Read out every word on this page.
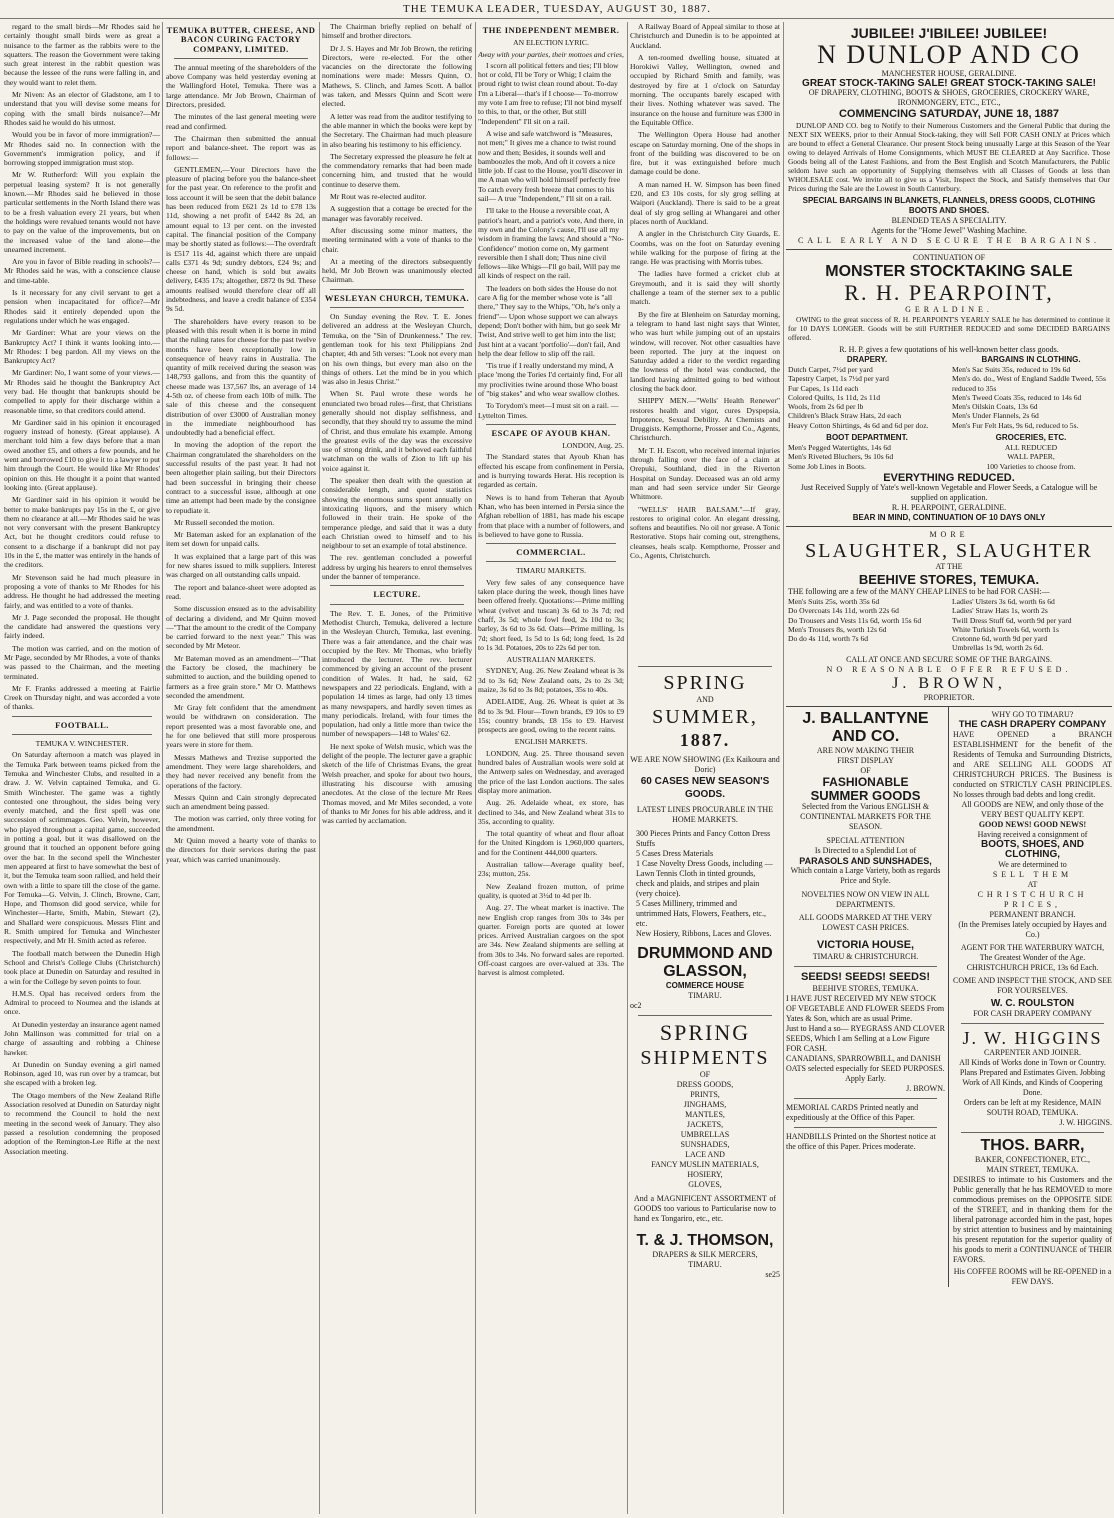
THE TEMUKA LEADER, TUESDAY, AUGUST 30, 1887.

regard to the small birds—Mr Rhodes said he certainly thought small birds were as great a nuisance to the farmer as the rabbits were to the squatters. The reason the Government were taking such great interest in the rabbit question was because the lessee of the runs were falling in, and they would want to relet them.

Mr Niven: As an elector of Gladstone, am I to understand that you will devise some means for coping with the small birds nuisance?—Mr Rhodes said he would do his utmost.

Would you be in favor of more immigration?—Mr Rhodes said no. In connection with the Government's immigration policy, and if borrowing stopped immigration must stop.

Mr W. Rutherford: Will you explain the perpetual leasing system? It is not generally known.—Mr Rhodes said he believed in those particular settlements in the North Island there was to be a fresh valuation every 21 years, but when the holdings were revalued tenants would not have to pay on the value of the improvements, but on the increased value of the land alone—the unearned increment.

Are you in favor of Bible reading in schools?—Mr Rhodes said he was, with a conscience clause and time-table.

Is it necessary for any civil servant to get a pension when incapacitated for office?—Mr Rhodes said it entirely depended upon the regulations under which he was engaged.

Mr Gardiner: What are your views on the Bankruptcy Act? I think it wants looking into.—Mr Rhodes: I beg pardon. All my views on the Bankruptcy Act?

Mr Gardiner: No, I want some of your views.—Mr Rhodes said he thought the Bankruptcy Act very bad. He thought that bankrupts should be compelled to apply for their discharge within a reasonable time, so that creditors could attend.

Mr Gardiner said in his opinion it encouraged roguery instead of honesty. (Great applause). A merchant told him a few days before that a man owed another £5, and others a few pounds, and he went and borrowed £10 to give it to a lawyer to put him through the Court. He would like Mr Rhodes' opinion on this. He thought it a point that wanted looking into. (Great applause).

Mr Gardiner said in his opinion it would be better to make bankrupts pay 15s in the £, or give them no clearance at all.—Mr Rhodes said he was not very conversant with the present Bankruptcy Act, but he thought creditors could refuse to consent to a discharge if a bankrupt did not pay 10s in the £, the matter was entirely in the hands of the creditors.

Mr Stevenson said he had much pleasure in proposing a vote of thanks to Mr Rhodes for his address. He thought he had addressed the meeting fairly, and was entitled to a vote of thanks.

Mr J. Page seconded the proposal. He thought the candidate had answered the questions very fairly indeed.

The motion was carried, and on the motion of Mr Page, seconded by Mr Rhodes, a vote of thanks was passed to the Chairman, and the meeting terminated.

Mr F. Franks addressed a meeting at Fairlie Creek on Thursday night, and was accorded a vote of thanks.

FOOTBALL.
TEMUKA V. WINCHESTER.

On Saturday afternoon a match was played in the Temuka Park between teams picked from the Temuka and Winchester Clubs, and resulted in a draw. J. W. Velvin captained Temuka, and G. Smith Winchester. The game was a tightly contested one throughout, the sides being very evenly matched, and the first spell was one succession of scrimmages. Geo. Velvin, however, who played throughout a capital game, succeeded in potting a goal, but it was disallowed on the ground that it touched an opponent before going over the bar. In the second spell the Winchester men appeared at first to have somewhat the best of it, but the Temuka team soon rallied, and held their own with a little to spare till the close of the game. For Temuka—G. Velvin, J. Clinch, Browne, Carr, Hope, and Thomson did good service, while for Winchester—Harte, Smith, Mabin, Stewart (2), and Shallard were conspicuous. Messrs Flint and R. Smith umpired for Temuka and Winchester respectively, and Mr H. Smith acted as referee.

The football match between the Dunedin High School and Christ's College Clubs (Christchurch) took place at Dunedin on Saturday and resulted in a win for the College by seven points to four.

H.M.S. Opal has received orders from the Admiral to proceed to Noumea and the islands at once.

At Dunedin yesterday an insurance agent named John Mallinson was committed for trial on a charge of assaulting and robbing a Chinese hawker.

At Dunedin on Sunday evening a girl named Robinson, aged 10, was run over by a tramcar, but she escaped with a broken leg.

The Otago members of the New Zealand Rifle Association resolved at Dunedin on Saturday night to recommend the Council to hold the next meeting in the second week of January. They also passed a resolution condemning the proposed adoption of the Remington-Lee Rifle at the next Association meeting.

TEMUKA BUTTER, CHEESE, AND BACON CURING FACTORY COMPANY, LIMITED.

The annual meeting of the shareholders of the above Company was held yesterday evening at the Wallingford Hotel, Temuka. There was a large attendance. Mr Job Brown, Chairman of Directors, presided.

The minutes of the last general meeting were read and confirmed.

The Chairman then submitted the annual report and balance-sheet. The report was as follows:—

GENTLEMEN,—Your Directors have the pleasure of placing before you the balance-sheet for the past year. On reference to the profit and loss account it will be seen that the debit balance has been reduced from £621 2s 1d to £78 13s 11d, showing a net profit of £442 8s 2d, an amount equal to 13 per cent. on the invested capital. The financial position of the Company may be shortly stated as follows:—The overdraft is £517 11s 4d, against which there are unpaid calls £371 4s 9d; sundry debtors, £24 9s; and cheese on hand, which is sold but awaits delivery, £435 17s; altogether, £872 0s 9d. These amounts realised would therefore clear off all indebtedness, and leave a credit balance of £354 9s 5d.

The shareholders have every reason to be pleased with this result when it is borne in mind that the ruling rates for cheese for the past twelve months have been exceptionally low in consequence of heavy rains in Australia. The quantity of milk received during the season was 148,793 gallons, and from this the quantity of cheese made was 137,567 lbs, an average of 14 4-5th oz. of cheese from each 10lb of milk. The sale of this cheese and the consequent distribution of over £3000 of Australian money in the immediate neighbourhood has undoubtedly had a beneficial effect.

In moving the adoption of the report the Chairman congratulated the shareholders on the successful results of the past year. It had not been altogether plain sailing, but their Directors had been successful in bringing their cheese contract to a successful issue, although at one time an attempt had been made by the consignee to repudiate it.

Mr Russell seconded the motion.

Mr Bateman asked for an explanation of the item set down for unpaid calls.

It was explained that a large part of this was for new shares issued to milk suppliers. Interest was charged on all outstanding calls unpaid.

The report and balance-sheet were adopted as read.

Some discussion ensued as to the advisability of declaring a dividend, and Mr Quinn moved—"That the amount to the credit of the Company be carried forward to the next year." This was seconded by Mr Meteor.

Mr Bateman moved as an amendment—"That the Factory be closed, the machinery be submitted to auction, and the building opened to farmers as a free grain store." Mr O. Matthews seconded the amendment.

Mr Gray felt confident that the amendment would be withdrawn on consideration. The report presented was a most favorable one, and he for one believed that still more prosperous years were in store for them.

Messrs Mathews and Trezise supported the amendment. They were large shareholders, and they had never received any benefit from the operations of the factory.

Messrs Quinn and Cain strongly deprecated such an amendment being passed.

The motion was carried, only three voting for the amendment.

Mr Quinn moved a hearty vote of thanks to the directors for their services during the past year, which was carried unanimously.

The Chairman briefly replied on behalf of himself and brother directors.

Dr J. S. Hayes and Mr Job Brown, the retiring Directors, were re-elected. For the other vacancies on the directorate the following nominations were made: Messrs Quinn, O. Mathews, S. Clinch, and James Scott. A ballot was taken, and Messrs Quinn and Scott were elected.

A letter was read from the auditor testifying to the able manner in which the books were kept by the Secretary. The Chairman had much pleasure in also bearing his testimony to his efficiency.

The Secretary expressed the pleasure he felt at the commendatory remarks that had been made concerning him, and trusted that he would continue to deserve them.

Mr Rout was re-elected auditor.

A suggestion that a cottage be erected for the manager was favorably received.

After discussing some minor matters, the meeting terminated with a vote of thanks to the chair.

At a meeting of the directors subsequently held, Mr Job Brown was unanimously elected Chairman.

WESLEYAN CHURCH, TEMUKA.

On Sunday evening the Rev. T. E. Jones delivered an address at the Wesleyan Church, Temuka, on the "Sin of Drunkenness." The rev. gentleman took for his text Philippians 2nd chapter, 4th and 5th verses: "Look not every man on his own things, but every man also on the things of others. Let the mind be in you which was also in Jesus Christ."

When St. Paul wrote these words he enunciated two broad rules—first, that Christians generally should not display selfishness, and secondly, that they should try to assume the mind of Christ, and thus emulate his example. Among the greatest evils of the day was the excessive use of strong drink, and it behoved each faithful watchman on the walls of Zion to lift up his voice against it.

The speaker then dealt with the question at considerable length, and quoted statistics showing the enormous sums spent annually on intoxicating liquors, and the misery which followed in their train. He spoke of the temperance pledge, and said that it was a duty each Christian owed to himself and to his neighbour to set an example of total abstinence.

The rev. gentleman concluded a powerful address by urging his hearers to enrol themselves under the banner of temperance.

LECTURE.

The Rev. T. E. Jones, of the Primitive Methodist Church, Temuka, delivered a lecture in the Wesleyan Church, Temuka, last evening. There was a fair attendance, and the chair was occupied by the Rev. Mr Thomas, who briefly introduced the lecturer. The rev. lecturer commenced by giving an account of the present condition of Wales. It had, he said, 62 newspapers and 22 periodicals. England, with a population 14 times as large, had only 13 times as many newspapers, and hardly seven times as many periodicals. Ireland, with four times the population, had only a little more than twice the number of newspapers—148 to Wales' 62.

He next spoke of Welsh music, which was the delight of the people. The lecturer gave a graphic sketch of the life of Christmas Evans, the great Welsh preacher, and spoke for about two hours, illustrating his discourse with amusing anecdotes. At the close of the lecture Mr Rees Thomas moved, and Mr Miles seconded, a vote of thanks to Mr Jones for his able address, and it was carried by acclamation.

THE INDEPENDENT MEMBER.
AN ELECTION LYRIC.
Away with your parties, their mottoes and cries,

I scorn all political fetters and ties; I'll blow hot or cold, I'll be Tory or Whig; I claim the proud right to twist clean round about. To-day I'm a Liberal—that's if I choose— To-morrow my vote I am free to refuse; I'll not bind myself to this, to that, or the other, But still "Independent" I'll sit on a rail.

A wise and safe watchword is "Measures, not men;" It gives me a chance to twist round now and then; Besides, it sounds well and bamboozles the mob, And oft it covers a nice little job. If cast to the House, you'll discover in me A man who will hold himself perfectly free To catch every fresh breeze that comes to his sail— A true "Independent," I'll sit on a rail.

I'll take to the House a reversible coat, A patriot's heart, and a patriot's vote, And there, in my own and the Colony's cause, I'll use all my wisdom in framing the laws; And should a "No-Confidence" motion come on, My garment reversible then I shall don; Thus nine civil fellows—like Whigs—I'll go bail, Will pay me all kinds of respect on the rail.

The leaders on both sides the House do not care A fig for the member whose vote is "all there," They say to the Whips, "Oh, he's only a friend"— Upon whose support we can always depend; Don't bother with him, but go seek Mr Twist, And strive well to get him into the list; Just hint at a vacant 'portfolio'—don't fail, And help the dear fellow to slip off the rail.

'Tis true if I really understand my mind, A place 'mong the Tories I'd certainly find, For all my proclivities twine around those Who boast of "big stakes" and who wear swallow clothes.

To Torydom's meet—I must sit on a rail. —Lyttelton Times.

ESCAPE OF AYOUB KHAN.
LONDON, Aug. 25.

The Standard states that Ayoub Khan has effected his escape from confinement in Persia, and is hurrying towards Herat. His reception is regarded as certain.

News is to hand from Teheran that Ayoub Khan, who has been interned in Persia since the Afghan rebellion of 1881, has made his escape from that place with a number of followers, and is believed to have gone to Russia.

COMMERCIAL.
TIMARU MARKETS.

Very few sales of any consequence have taken place during the week, though lines have been offered freely. Quotations:—Prime milling wheat (velvet and tuscan) 3s 6d to 3s 7d; red chaff, 3s 5d; whole fowl feed, 2s 10d to 3s; barley, 3s 6d to 3s 6d. Oats—Prime milling, 1s 7d; short feed, 1s 5d to 1s 6d; long feed, 1s 2d to 1s 3d. Potatoes, 20s to 22s 6d per ton.

AUSTRALIAN MARKETS.

SYDNEY, Aug. 26. New Zealand wheat is 3s 3d to 3s 6d; New Zealand oats, 2s to 2s 3d; maize, 3s 6d to 3s 8d; potatoes, 35s to 40s.

ADELAIDE, Aug. 26. Wheat is quiet at 3s 8d to 3s 9d. Flour—Town brands, £9 10s to £9 15s; country brands, £8 15s to £9. Harvest prospects are good, owing to the recent rains.

ENGLISH MARKETS.

LONDON, Aug. 25. Three thousand seven hundred bales of Australian wools were sold at the Antwerp sales on Wednesday, and averaged the price of the last London auctions. The sales display more animation.

Aug. 26. Adelaide wheat, ex store, has declined to 34s, and New Zealand wheat 31s to 35s, according to quality.

The total quantity of wheat and flour afloat for the United Kingdom is 1,960,000 quarters, and for the Continent 444,000 quarters.

Australian tallow—Average quality beef, 23s; mutton, 25s.

New Zealand frozen mutton, of prime quality, is quoted at 3½d to 4d per lb.

Aug. 27. The wheat market is inactive. The new English crop ranges from 30s to 34s per quarter. Foreign ports are quoted at lower prices. Arrived Australian cargoes on the spot are 34s. New Zealand shipments are selling at from 30s to 34s. No forward sales are reported. Off-coast cargoes are over-valued at 33s. The harvest is almost completed.

A Railway Board of Appeal similar to those at Christchurch and Dunedin is to be appointed at Auckland.

A ten-roomed dwelling house, situated at Horokiwi Valley, Wellington, owned and occupied by Richard Smith and family, was destroyed by fire at 1 o'clock on Saturday morning. The occupants barely escaped with their lives. Nothing whatever was saved. The insurance on the house and furniture was £300 in the Equitable Office.

The Wellington Opera House had another escape on Saturday morning. One of the shops in front of the building was discovered to be on fire, but it was extinguished before much damage could be done.

A man named H. W. Simpson has been fined £20, and £3 10s costs, for sly grog selling at Waipori (Auckland). There is said to be a great deal of sly grog selling at Whangarei and other places north of Auckland.

A angler in the Christchurch City Guards, E. Coombs, was on the foot on Saturday evening while walking for the purpose of firing at the range. He was practising with Morris tubes.

The ladies have formed a cricket club at Greymouth, and it is said they will shortly challenge a team of the sterner sex to a public match.

By the fire at Blenheim on Saturday morning, a telegram to hand last night says that Winter, who was hurt while jumping out of an upstairs window, will recover. Not other casualties have been reported. The jury at the inquest on Saturday added a rider to the verdict regarding the lowness of the hotel was conducted, the landlord having admitted going to bed without closing the back door.

SHIPPY MEN.—"Wells' Health Renewer" restores health and vigor, cures Dyspepsia, Impotence, Sexual Debility. At Chemists and Druggists. Kempthorne, Prosser and Co., Agents, Christchurch.

Mr T. H. Escott, who received internal injuries through falling over the face of a claim at Orepuki, Southland, died in the Riverton Hospital on Sunday. Deceased was an old army man and had seen service under Sir George Whitmore.

"WELLS' HAIR BALSAM."—If gray, restores to original color. An elegant dressing, softens and beautifies. No oil nor grease. A Tonic Restorative. Stops hair coming out, strengthens, cleanses, heals scalp. Kempthorne, Prosser and Co., Agents, Christchurch.

SPRING
AND
SUMMER,
1887.
WE ARE NOW SHOWING (Ex Kaikoura and Doric)
60 CASES NEW SEASON'S GOODS.
LATEST LINES PROCURABLE IN THE HOME MARKETS.
300 Pieces Prints and Fancy Cotton Dress Stuffs
5 Cases Dress Materials
1 Case Novelty Dress Goods, including — Lawn Tennis Cloth in tinted grounds, check and plaids, and stripes and plain (very choice).
5 Cases Millinery, trimmed and untrimmed Hats, Flowers, Feathers, etc., etc.
New Hosiery, Ribbons, Laces and Gloves.
DRUMMOND AND GLASSON,
COMMERCE HOUSE
TIMARU.
oc2
SPRING
SHIPMENTS
OF
DRESS GOODS,
PRINTS,
JINGHAMS,
MANTLES,
JACKETS,
UMBRELLAS
SUNSHADES,
LACE AND
FANCY MUSLIN MATERIALS,
HOSIERY,
GLOVES,
And a MAGNIFICENT ASSORTMENT of GOODS too various to Particularise now to hand ex Tongariro, etc., etc.
T. & J. THOMSON,
DRAPERS & SILK MERCERS,
TIMARU.
se25
JUBILEE! J'IBILEE! JUBILEE!
N DUNLOP AND CO
MANCHESTER HOUSE, GERALDINE.
GREAT STOCK-TAKING SALE! GREAT STOCK-TAKING SALE!
OF DRAPERY, CLOTHING, BOOTS & SHOES, GROCERIES, CROCKERY WARE, IRONMONGERY, ETC., ETC.,
COMMENCING SATURDAY, JUNE 18, 1887

DUNLOP AND CO. beg to Notify to their Numerous Customers and the General Public that during the NEXT SIX WEEKS, prior to their Annual Stock-taking, they will Sell FOR CASH ONLY at Prices which are bound to effect a General Clearance. Our present Stock being unusually Large at this Season of the Year owing to delayed Arrivals of Home Consignments, which MUST BE CLEARED at Any Sacrifice. Those Goods being all of the Latest Fashions, and from the Best English and Scotch Manufacturers, the Public seldom have such an opportunity of Supplying themselves with all Classes of Goods at less than WHOLESALE cost. We invite all to give us a Visit, Inspect the Stock, and Satisfy themselves that Our Prices during the Sale are the Lowest in South Canterbury.

SPECIAL BARGAINS IN BLANKETS, FLANNELS, DRESS GOODS, CLOTHING BOOTS AND SHOES.
BLENDED TEAS A SPECIALITY.
Agents for the "Home Jewel" Washing Machine.
CALL EARLY AND SECURE THE BARGAINS.
CONTINUATION OF
MONSTER STOCKTAKING SALE
R. H. PEARPOINT,
GERALDINE.

OWING to the great success of R. H. PEARPOINT'S YEARLY SALE he has determined to continue it for 10 DAYS LONGER. Goods will be still FURTHER REDUCED and some DECIDED BARGAINS offered.

R. H. P. gives a few quotations of his well-known better class goods.
DRAPERY.
Dutch Carpet, 7½d per yard
Tapestry Carpet, 1s 7½d per yard
Fur Capes, 1s 11d each
Colored Quilts, 1s 11d, 2s 11d
Wools, from 2s 6d per lb
Children's Black Straw Hats, 2d each
Heavy Cotton Shirtings, 4s 6d and 6d per doz.
BOOT DEPARTMENT.
Men's Pegged Watertights, 14s 6d
Men's Riveted Bluchers, 9s 10s 6d
Some Job Lines in Boots.
BARGAINS IN CLOTHING.
Men's Sac Suits 35s, reduced to 19s 6d
Men's do. do., West of England Saddle Tweed, 55s reduced to 35s
Men's Tweed Coats 35s, reduced to 14s 6d
Men's Oilskin Coats, 13s 6d
Men's Under Flannels, 2s 6d
Men's Fur Felt Hats, 9s 6d, reduced to 5s.
GROCERIES, ETC.
ALL REDUCED
WALL PAPER,
100 Varieties to choose from.
EVERYTHING REDUCED.
Just Received Supply of Yate's well-known Vegetable and Flower Seeds, a Catalogue will be supplied on application.
R. H. PEARPOINT, GERALDINE.
BEAR IN MIND, CONTINUATION OF 10 DAYS ONLY
MORE
SLAUGHTER, SLAUGHTER
AT THE
BEEHIVE STORES, TEMUKA.
THE following are a few of the MANY CHEAP LINES to be had FOR CASH:—
Men's Suits 25s, worth 35s 6d
Do Overcoats 14s 11d, worth 22s 6d
Do Trousers and Vests 11s 6d, worth 15s 6d
Men's Trousers 8s, worth 12s 6d
Do do 4s 11d, worth 7s 6d
Ladies' Ulsters 3s 6d, worth 6s 6d
Ladies' Straw Hats 1s, worth 2s
Twill Dress Stuff 6d, worth 9d per yard
White Turkish Towels 6d, worth 1s
Cretonne 6d, worth 9d per yard
Umbrellas 1s 9d, worth 2s 6d.
CALL AT ONCE AND SECURE SOME OF THE BARGAINS.
NO REASONABLE OFFER REFUSED.
J. BROWN,
PROPRIETOR.
J. BALLANTYNE AND CO.
ARE NOW MAKING THEIR
FIRST DISPLAY
OF
FASHIONABLE
SUMMER GOODS
Selected from the Various ENGLISH & CONTINENTAL MARKETS FOR THE SEASON.
SPECIAL ATTENTION
Is Directed to a Splendid Lot of
PARASOLS AND SUNSHADES,
Which contain a Large Variety, both as regards Price and Style.
NOVELTIES NOW ON VIEW IN ALL DEPARTMENTS.
ALL GOODS MARKED AT THE VERY LOWEST CASH PRICES.
VICTORIA HOUSE,
TIMARU & CHRISTCHURCH.
SEEDS! SEEDS! SEEDS!
BEEHIVE STORES, TEMUKA.
I HAVE JUST RECEIVED MY NEW STOCK OF VEGETABLE AND FLOWER SEEDS From Yates & Son, which are as usual Prime.
Just to Hand a so— RYEGRASS AND CLOVER SEEDS, Which I am Selling at a Low Figure FOR CASH.
CANADIANS, SPARROWBILL, and DANISH OATS selected especially for SEED PURPOSES.
Apply Early.
J. BROWN.
MEMORIAL CARDS Printed neatly and expeditiously at the Office of this Paper.
HANDBILLS Printed on the Shortest notice at the office of this Paper. Prices moderate.
WHY GO TO TIMARU?
THE CASH DRAPERY COMPANY
HAVE OPENED a BRANCH ESTABLISHMENT for the benefit of the Residents of Temuka and Surrounding Districts, and ARE SELLING ALL GOODS AT CHRISTCHURCH PRICES. The Business is conducted on STRICTLY CASH PRINCIPLES. No losses through bad debts and long credit.
All GOODS are NEW, and only those of the VERY BEST QUALITY KEPT.
GOOD NEWS! GOOD NEWS!
Having received a consignment of
BOOTS, SHOES, AND CLOTHING,
We are determined to
SELL THEM
AT
CHRISTCHURCH PRICES,
PERMANENT BRANCH.
(In the Premises lately occupied by Hayes and Co.)
AGENT FOR THE WATERBURY WATCH,
The Greatest Wonder of the Age. CHRISTCHURCH PRICE, 13s 6d Each.
COME AND INSPECT THE STOCK, AND SEE FOR YOURSELVES.
W. C. ROULSTON
FOR CASH DRAPERY COMPANY
J. W. HIGGINS
CARPENTER AND JOINER.
All Kinds of Works done in Town or Country. Plans Prepared and Estimates Given. Jobbing Work of All Kinds, and Kinds of Coopering Done.
Orders can be left at my Residence, MAIN SOUTH ROAD, TEMUKA.
J. W. HIGGINS.
THOS. BARR,
BAKER, CONFECTIONER, ETC.,
MAIN STREET, TEMUKA.
DESIRES to intimate to his Customers and the Public generally that he has REMOVED to more commodious premises on the OPPOSITE SIDE of the STREET, and in thanking them for the liberal patronage accorded him in the past, hopes by strict attention to business and by maintaining his present reputation for the superior quality of his goods to merit a CONTINUANCE of THEIR FAVORS.
His COFFEE ROOMS will be RE-OPENED in a FEW DAYS.
